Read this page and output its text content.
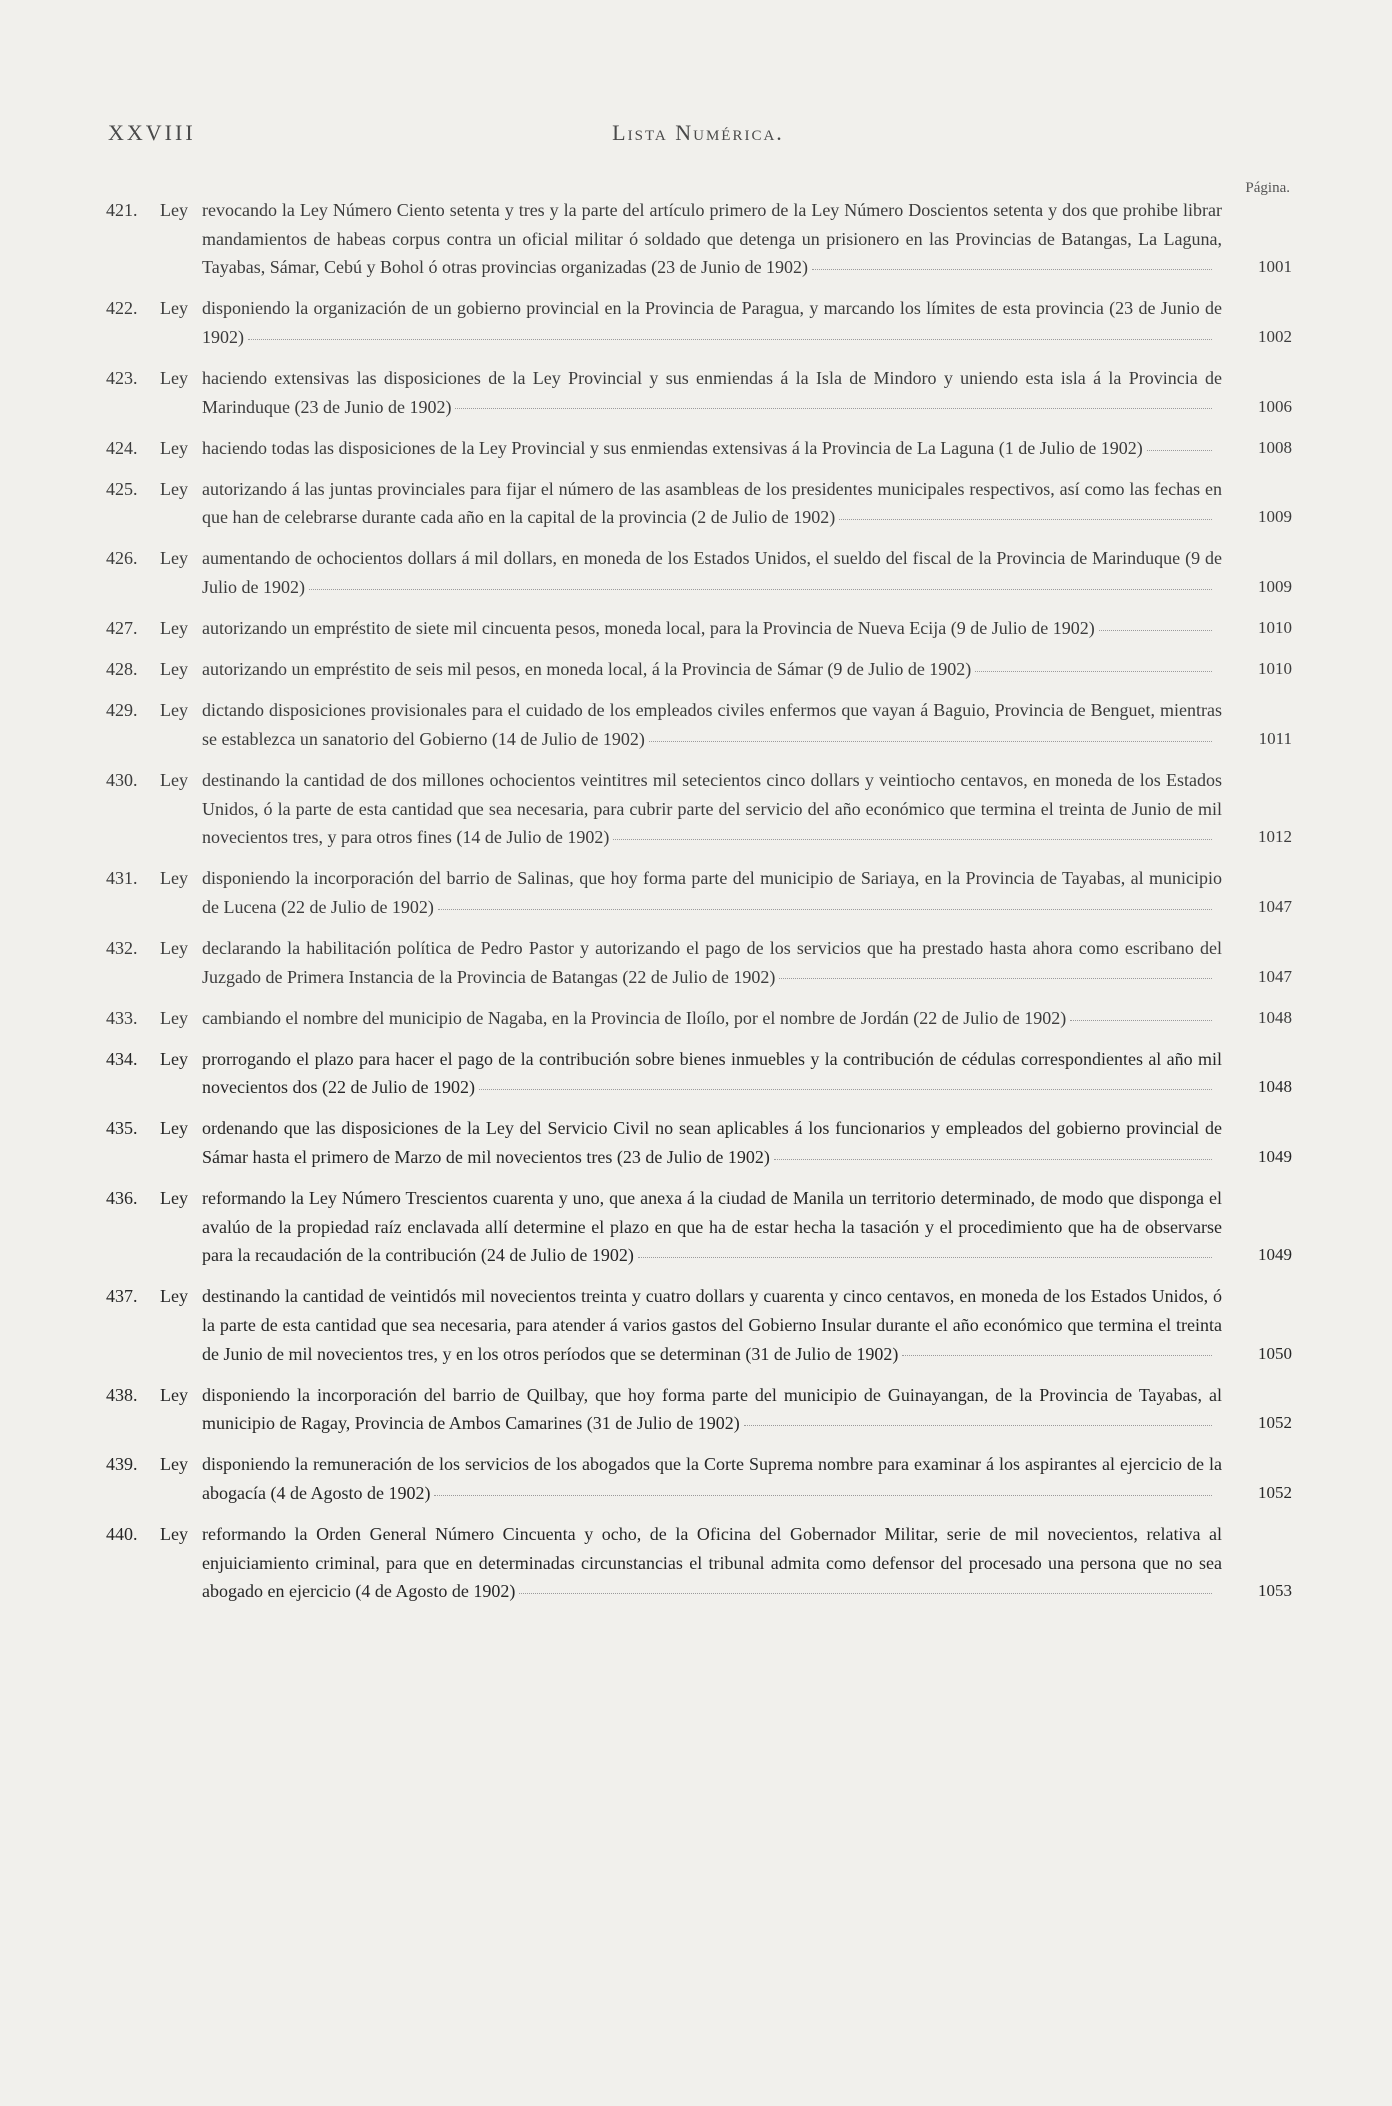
XXVIII	Lista Numérica.
Página.
421.	Ley revocando la Ley Número Ciento setenta y tres y la parte del artículo primero de la Ley Número Doscientos setenta y dos que prohibe librar mandamientos de habeas corpus contra un oficial militar ó soldado que detenga un prisionero en las Provincias de Batangas, La Laguna, Tayabas, Sámar, Cebú y Bohol ó otras provincias organizadas (23 de Junio de 1902)	1001
422.	Ley disponiendo la organización de un gobierno provincial en la Provincia de Paragua, y marcando los límites de esta provincia (23 de Junio de 1902)	1002
423.	Ley haciendo extensivas las disposiciones de la Ley Provincial y sus enmiendas á la Isla de Mindoro y uniendo esta isla á la Provincia de Marinduque (23 de Junio de 1902)	1006
424.	Ley haciendo todas las disposiciones de la Ley Provincial y sus enmiendas extensivas á la Provincia de La Laguna (1 de Julio de 1902)	1008
425.	Ley autorizando á las juntas provinciales para fijar el número de las asambleas de los presidentes municipales respectivos, así como las fechas en que han de celebrarse durante cada año en la capital de la provincia (2 de Julio de 1902)	1009
426.	Ley aumentando de ochocientos dollars á mil dollars, en moneda de los Estados Unidos, el sueldo del fiscal de la Provincia de Marinduque (9 de Julio de 1902)	1009
427.	Ley autorizando un empréstito de siete mil cincuenta pesos, moneda local, para la Provincia de Nueva Ecija (9 de Julio de 1902)	1010
428.	Ley autorizando un empréstito de seis mil pesos, en moneda local, á la Provincia de Sámar (9 de Julio de 1902)	1010
429.	Ley dictando disposiciones provisionales para el cuidado de los empleados civiles enfermos que vayan á Baguio, Provincia de Benguet, mientras se establezca un sanatorio del Gobierno (14 de Julio de 1902)	1011
430.	Ley destinando la cantidad de dos millones ochocientos veintitres mil setecientos cinco dollars y veintiocho centavos, en moneda de los Estados Unidos, ó la parte de esta cantidad que sea necesaria, para cubrir parte del servicio del año económico que termina el treinta de Junio de mil novecientos tres, y para otros fines (14 de Julio de 1902)	1012
431.	Ley disponiendo la incorporación del barrio de Salinas, que hoy forma parte del municipio de Sariaya, en la Provincia de Tayabas, al municipio de Lucena (22 de Julio de 1902)	1047
432.	Ley declarando la habilitación política de Pedro Pastor y autorizando el pago de los servicios que ha prestado hasta ahora como escribano del Juzgado de Primera Instancia de la Provincia de Batangas (22 de Julio de 1902)	1047
433.	Ley cambiando el nombre del municipio de Nagaba, en la Provincia de Iloílo, por el nombre de Jordán (22 de Julio de 1902)	1048
434.	Ley prorrogando el plazo para hacer el pago de la contribución sobre bienes inmuebles y la contribución de cédulas correspondientes al año mil novecientos dos (22 de Julio de 1902)	1048
435.	Ley ordenando que las disposiciones de la Ley del Servicio Civil no sean aplicables á los funcionarios y empleados del gobierno provincial de Sámar hasta el primero de Marzo de mil novecientos tres (23 de Julio de 1902)	1049
436.	Ley reformando la Ley Número Trescientos cuarenta y uno, que anexa á la ciudad de Manila un territorio determinado, de modo que disponga el avalúo de la propiedad raíz enclavada allí determine el plazo en que ha de estar hecha la tasación y el procedimiento que ha de observarse para la recaudación de la contribución (24 de Julio de 1902)	1049
437.	Ley destinando la cantidad de veintidós mil novecientos treinta y cuatro dollars y cuarenta y cinco centavos, en moneda de los Estados Unidos, ó la parte de esta cantidad que sea necesaria, para atender á varios gastos del Gobierno Insular durante el año económico que termina el treinta de Junio de mil novecientos tres, y en los otros períodos que se determinan (31 de Julio de 1902)	1050
438.	Ley disponiendo la incorporación del barrio de Quilbay, que hoy forma parte del municipio de Guinayangan, de la Provincia de Tayabas, al municipio de Ragay, Provincia de Ambos Camarines (31 de Julio de 1902)	1052
439.	Ley disponiendo la remuneración de los servicios de los abogados que la Corte Suprema nombre para examinar á los aspirantes al ejercicio de la abogacía (4 de Agosto de 1902)	1052
440.	Ley reformando la Orden General Número Cincuenta y ocho, de la Oficina del Gobernador Militar, serie de mil novecientos, relativa al enjuiciamiento criminal, para que en determinadas circunstancias el tribunal admita como defensor del procesado una persona que no sea abogado en ejercicio (4 de Agosto de 1902)	1053
